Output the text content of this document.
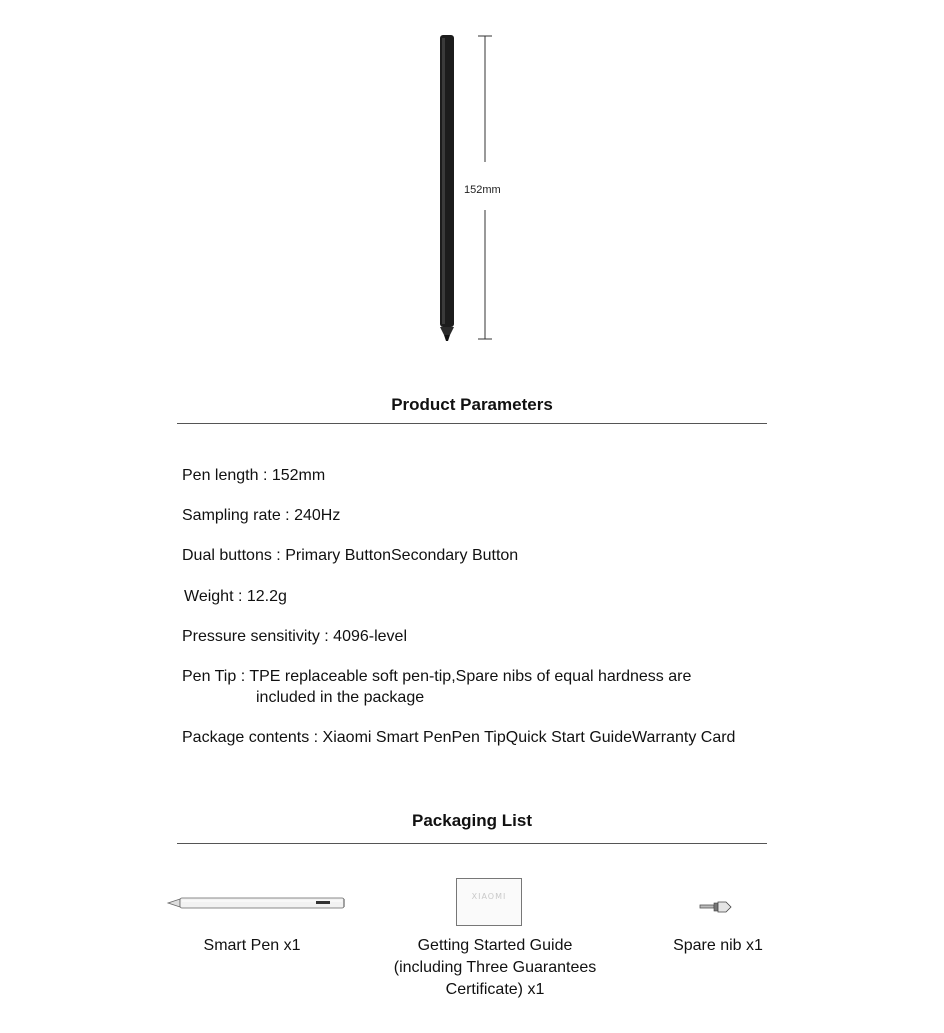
152mm
Product Parameters
Pen length : 152mm
Sampling rate : 240Hz
Dual buttons : Primary ButtonSecondary Button
Weight : 12.2g
Pressure sensitivity : 4096-level
Pen Tip : TPE replaceable soft pen-tip,Spare nibs of equal hardness are
included in the package
Package contents : Xiaomi Smart PenPen TipQuick Start GuideWarranty Card
Packaging List
Smart Pen x1
XIAOMI
Getting Started Guide
(including Three Guarantees
Certificate) x1
Spare nib x1
